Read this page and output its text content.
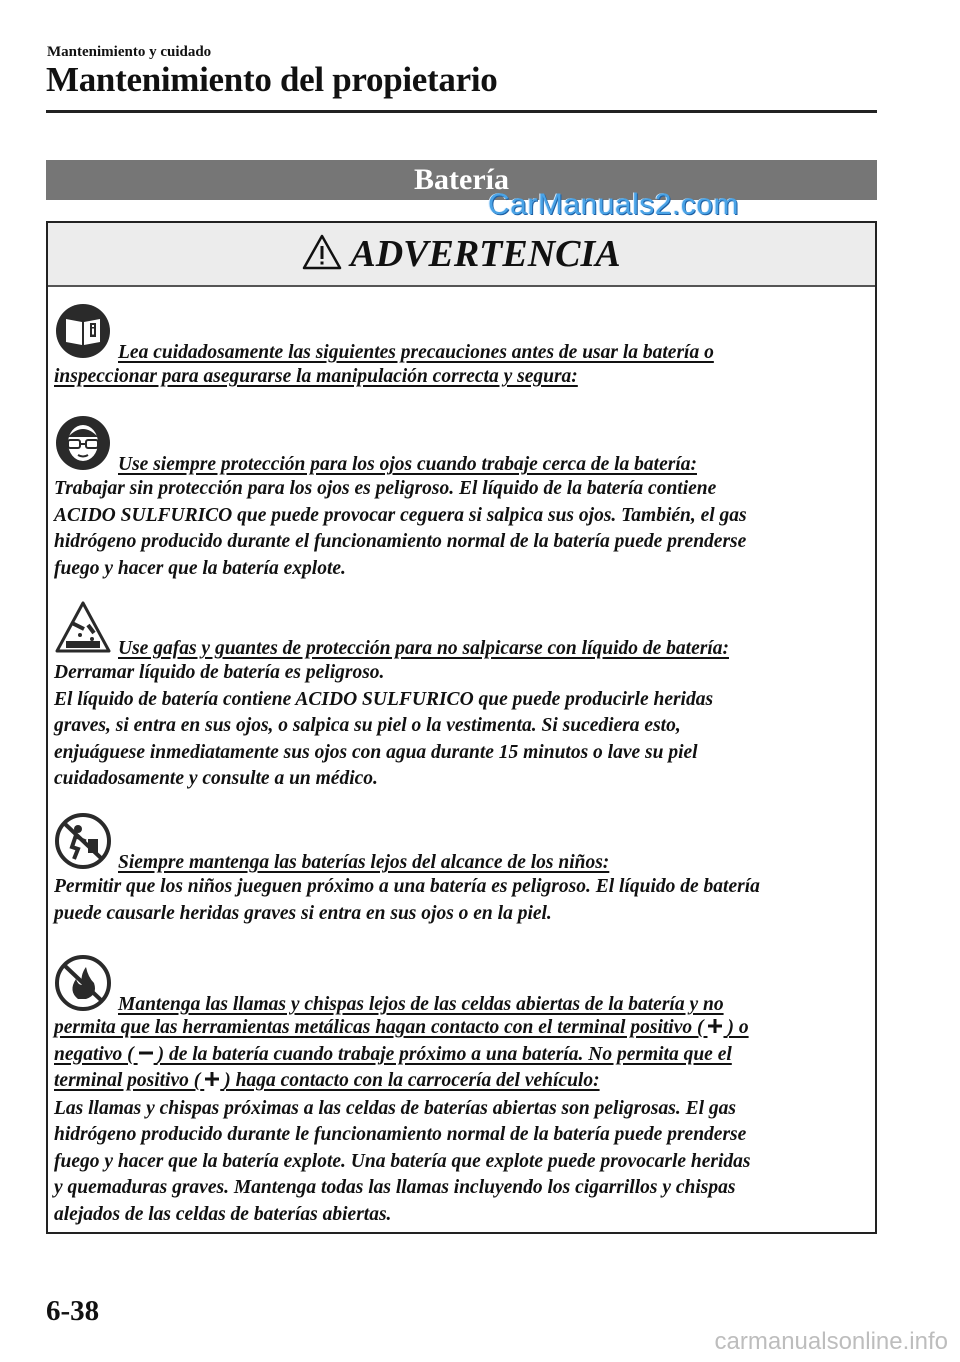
Mantenimiento y cuidado
Mantenimiento del propietario
Batería
CarManuals2.com
ADVERTENCIA
Lea cuidadosamente las siguientes precauciones antes de usar la batería o
inspeccionar para asegurarse la manipulación correcta y segura:
Use siempre protección para los ojos cuando trabaje cerca de la batería:

Trabajar sin protección para los ojos es peligroso. El líquido de la batería contiene

ACIDO SULFURICO que puede provocar ceguera si salpica sus ojos. También, el gas

hidrógeno producido durante el funcionamiento normal de la batería puede prenderse

fuego y hacer que la batería explote.

Use gafas y guantes de protección para no salpicarse con líquido de batería:

Derramar líquido de batería es peligroso.

El líquido de batería contiene ACIDO SULFURICO que puede producirle heridas

graves, si entra en sus ojos, o salpica su piel o la vestimenta. Si sucediera esto,

enjuáguese inmediatamente sus ojos con agua durante 15 minutos o lave su piel

cuidadosamente y consulte a un médico.

Siempre mantenga las baterías lejos del alcance de los niños:

Permitir que los niños jueguen próximo a una batería es peligroso. El líquido de batería

puede causarle heridas graves si entra en sus ojos o en la piel.

Mantenga las llamas y chispas lejos de las celdas abiertas de la batería y no
permita que las herramientas metálicas hagan contacto con el terminal positivo ( ) o
negativo ( ) de la batería cuando trabaje próximo a una batería. No permita que el
terminal positivo ( ) haga contacto con la carrocería del vehículo:

Las llamas y chispas próximas a las celdas de baterías abiertas son peligrosas. El gas

hidrógeno producido durante le funcionamiento normal de la batería puede prenderse

fuego y hacer que la batería explote. Una batería que explote puede provocarle heridas

y quemaduras graves. Mantenga todas las llamas incluyendo los cigarrillos y chispas

alejados de las celdas de baterías abiertas.

6-38
carmanualsonline.info
